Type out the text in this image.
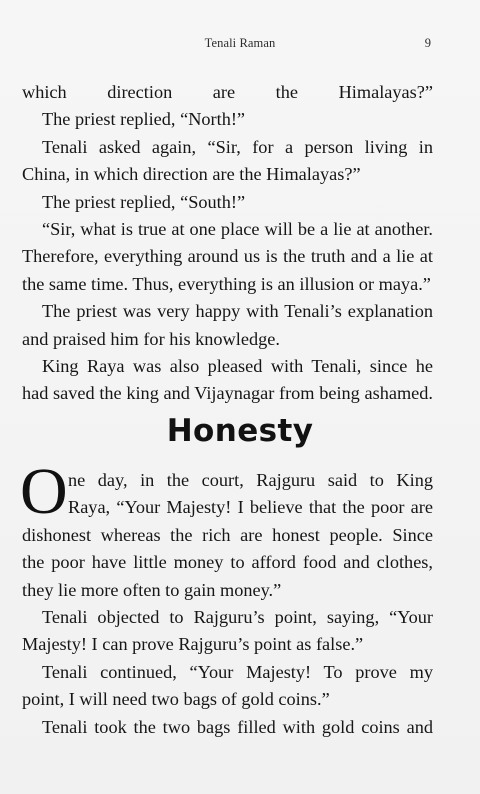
Tenali Raman	9
which direction are the Himalayas?”
The priest replied, “North!”
Tenali asked again, “Sir, for a person living in
China, in which direction are the Himalayas?”
The priest replied, “South!”
“Sir, what is true at one place will be a lie at another.
Therefore, everything around us is the truth and a lie at
the same time. Thus, everything is an illusion or maya.”
The priest was very happy with Tenali’s explanation
and praised him for his knowledge.
King Raya was also pleased with Tenali, since he
had saved the king and Vijaynagar from being ashamed.
Honesty
O ne day, in the court, Rajguru said to King
Raya, “Your Majesty! I believe that the poor are
dishonest whereas the rich are honest people. Since
the poor have little money to afford food and clothes,
they lie more often to gain money.”
Tenali objected to Rajguru’s point, saying, “Your
Majesty! I can prove Rajguru’s point as false.”
Tenali continued, “Your Majesty! To prove my
point, I will need two bags of gold coins.”
Tenali took the two bags filled with gold coins and
